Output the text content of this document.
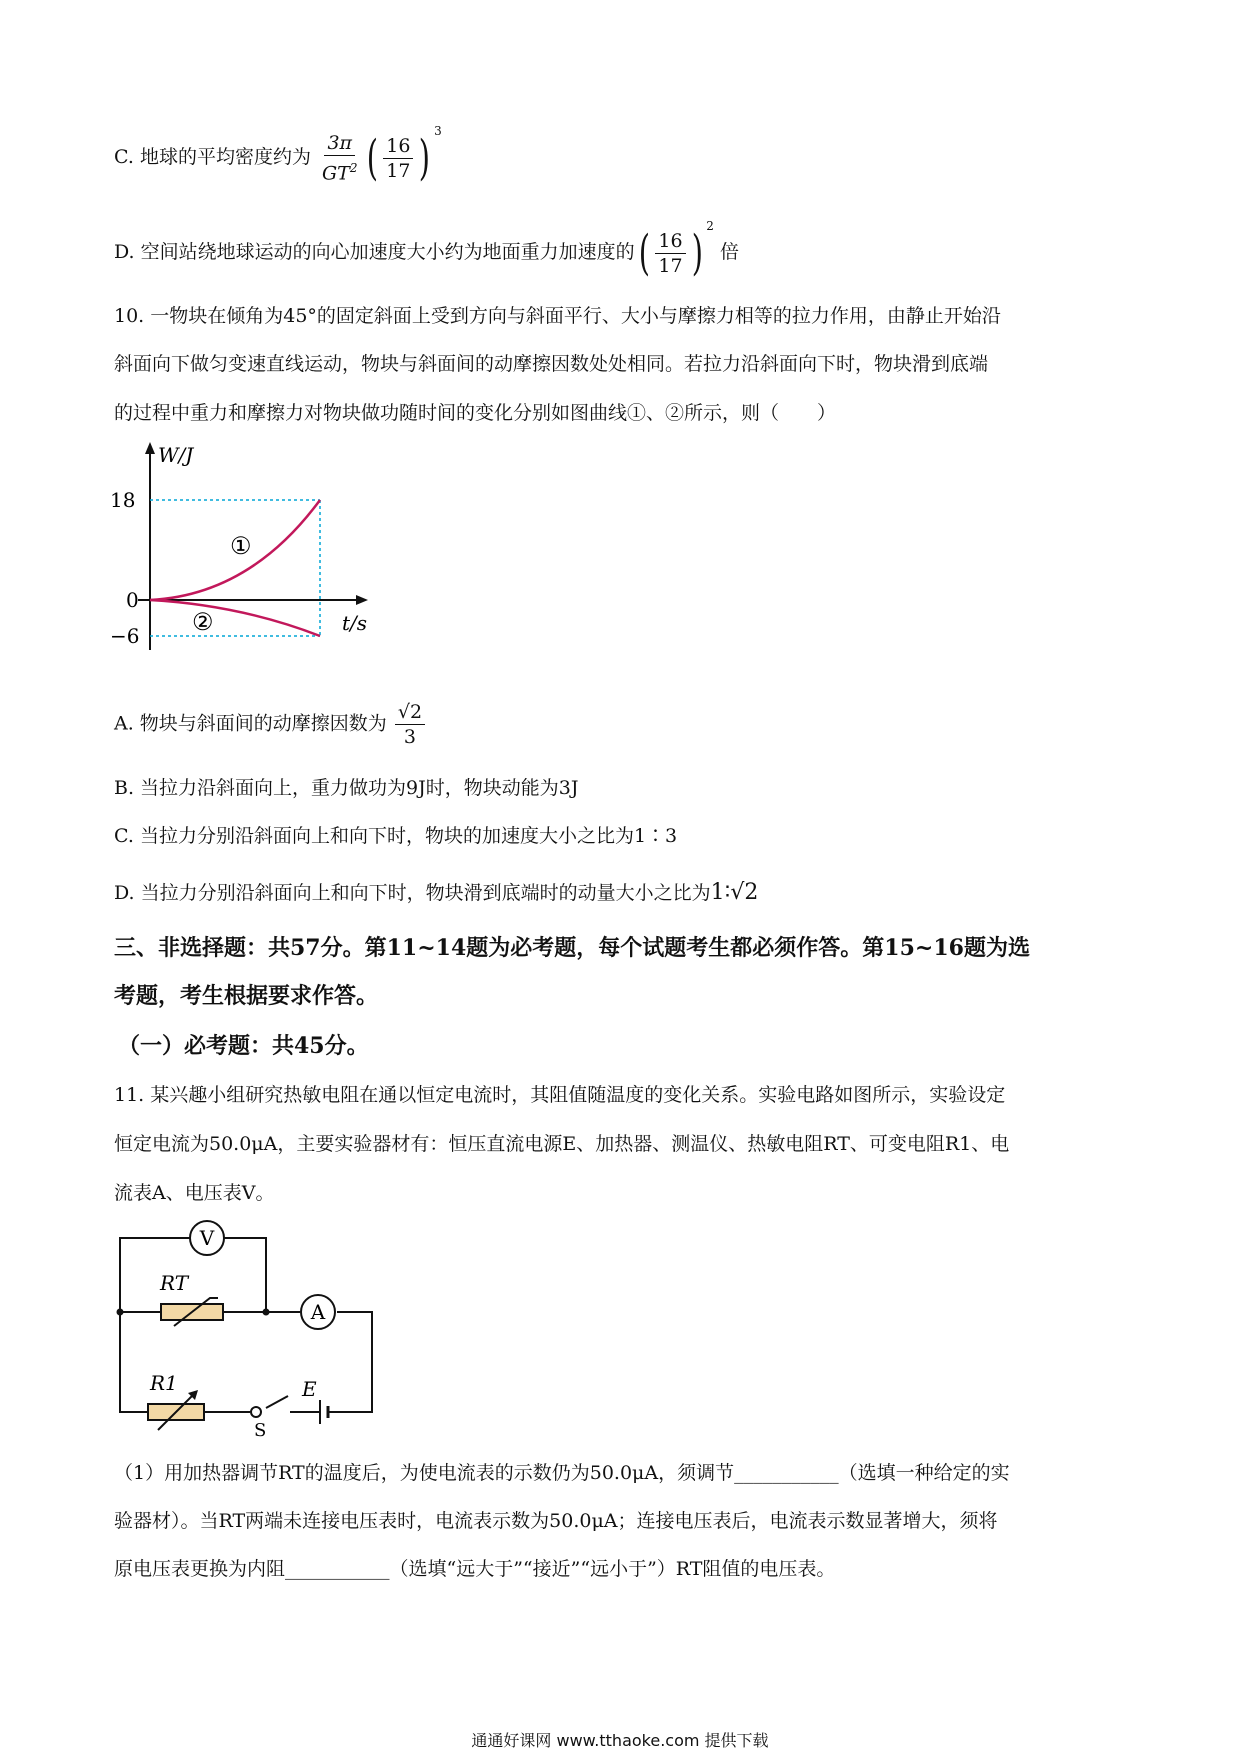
C. 地球的平均密度约为 $\frac{3\pi}{GT^2}$ ( $\frac{16}{17}$ ) $^3$
D. 空间站绕地球运动的向心加速度大小约为地面重力加速度的( $\frac{16}{17}$ ) $^2$ 倍
10. 一物块在倾角为45°的固定斜面上受到方向与斜面平行、大小与摩擦力相等的拉力作用，由静止开始沿
斜面向下做匀变速直线运动，物块与斜面间的动摩擦因数处处相同。若拉力沿斜面向下时，物块滑到底端
的过程中重力和摩擦力对物块做功随时间的变化分别如图曲线①、②所示，则（　　）
W/J
t/s
18
0
−6
①
②
A. 物块与斜面间的动摩擦因数为 $\frac{√2}{3}$
B. 当拉力沿斜面向上，重力做功为9J时，物块动能为3J
C. 当拉力分别沿斜面向上和向下时，物块的加速度大小之比为1∶3
D. 当拉力分别沿斜面向上和向下时，物块滑到底端时的动量大小之比为1∶√2
三、非选择题：共57分。第11~14题为必考题，每个试题考生都必须作答。第15~16题为选
考题，考生根据要求作答。
（一）必考题：共45分。
11. 某兴趣小组研究热敏电阻在通以恒定电流时，其阻值随温度的变化关系。实验电路如图所示，实验设定
恒定电流为50.0μA，主要实验器材有：恒压直流电源E、加热器、测温仪、热敏电阻RT、可变电阻R1、电
流表A、电压表V。
V
A
RT
R1
S
E
（1）用加热器调节RT的温度后，为使电流表的示数仍为50.0μA，须调节___________（选填一种给定的实
验器材）。当RT两端未连接电压表时，电流表示数为50.0μA；连接电压表后，电流表示数显著增大，须将
原电压表更换为内阻___________（选填“远大于”“接近”“远小于”）RT阻值的电压表。
通通好课网 www.tthaoke.com 提供下载
